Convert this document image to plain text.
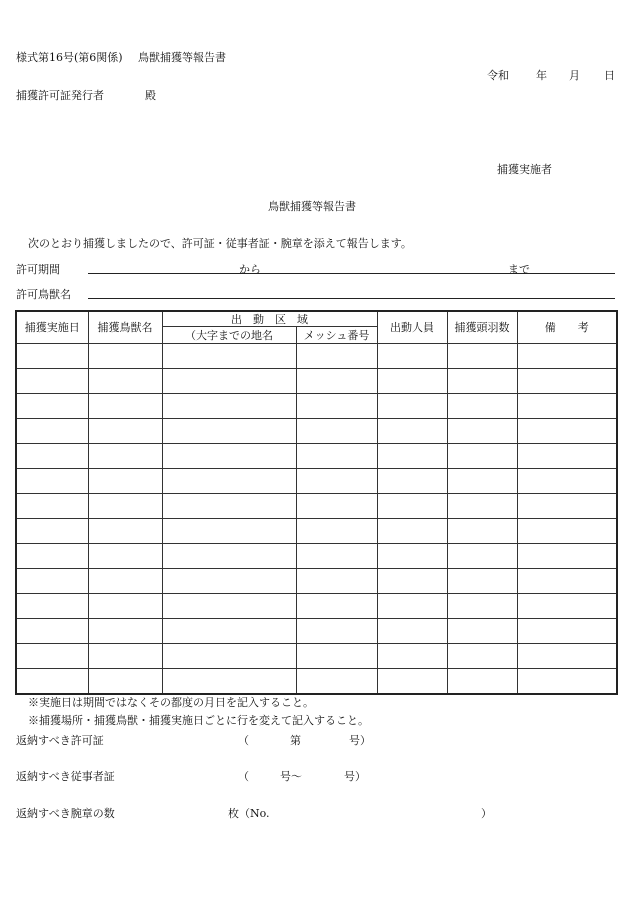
様式第16号(第6関係) 鳥獣捕獲等報告書
令和 年 月 日
捕獲許可証発行者	殿
捕獲実施者
鳥獣捕獲等報告書
次のとおり捕獲しましたので、許可証・従事者証・腕章を添えて報告します。
許可期間	から	まで
許可鳥獣名
捕獲実施日	捕獲鳥獣名	出　動　区　域		出動人員	捕獲頭羽数	備　　考
		（大字までの地名	メッシュ番号			

※実施日は期間ではなくその都度の月日を記入すること。
※捕獲場所・捕獲鳥獣・捕獲実施日ごとに行を変えて記入すること。
返納すべき許可証	（	第	号）
返納すべき従事者証	（	号～	号）
返納すべき腕章の数	枚（No.	）
